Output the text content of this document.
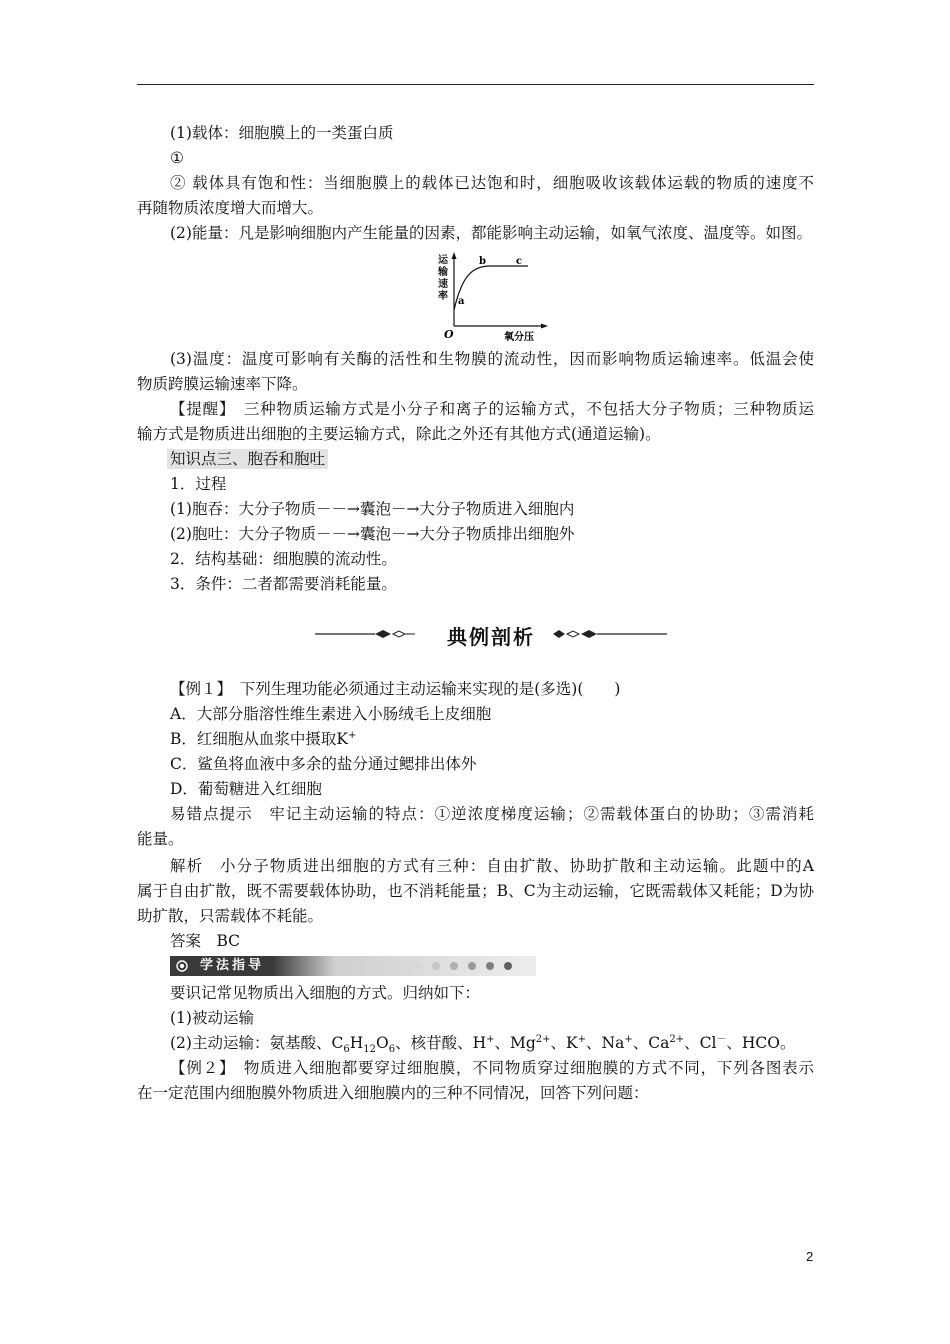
(1)载体：细胞膜上的一类蛋白质
①
② 载体具有饱和性：当细胞膜上的载体已达饱和时，细胞吸收该载体运载的物质的速度不
再随物质浓度增大而增大。
(2)能量：凡是影响细胞内产生能量的因素，都能影响主动运输，如氧气浓度、温度等。如图。
运
输
速
率 a
b	c
O	氧分压
(3)温度：温度可影响有关酶的活性和生物膜的流动性，因而影响物质运输速率。低温会使
物质跨膜运输速率下降。
【提醒】　三种物质运输方式是小分子和离子的运输方式，不包括大分子物质；三种物质运
输方式是物质进出细胞的主要运输方式，除此之外还有其他方式(通道运输)。
知识点三、胞吞和胞吐
1．过程
(1)胞吞：大分子物质－－→囊泡－→大分子物质进入细胞内
(2)胞吐：大分子物质－－→囊泡－→大分子物质排出细胞外
2．结构基础：细胞膜的流动性。
3．条件：二者都需要消耗能量。
典例剖析
【例１】　下列生理功能必须通过主动运输来实现的是(多选)(　　)
A．大部分脂溶性维生素进入小肠绒毛上皮细胞
B．红细胞从血浆中摄取K+
C．鲨鱼将血液中多余的盐分通过鳃排出体外
D．葡萄糖进入红细胞
易错点提示　牢记主动运输的特点：①逆浓度梯度运输；②需载体蛋白的协助；③需消耗
能量。
解析　小分子物质进出细胞的方式有三种：自由扩散、协助扩散和主动运输。此题中的A
属于自由扩散，既不需要载体协助，也不消耗能量；B、C为主动运输，它既需载体又耗能；D为协
助扩散，只需载体不耗能。
答案　BC
学法指导
要识记常见物质出入细胞的方式。归纳如下：
(1)被动运输
(2)主动运输：氨基酸、$C_6H_{12}O_6$、核苷酸、H+、$Mg^{2+}$、K+、Na+、$Ca^{2+}$、Cl－、HCO。
【例２】　物质进入细胞都要穿过细胞膜，不同物质穿过细胞膜的方式不同，下列各图表示
在一定范围内细胞膜外物质进入细胞膜内的三种不同情况，回答下列问题：
2
